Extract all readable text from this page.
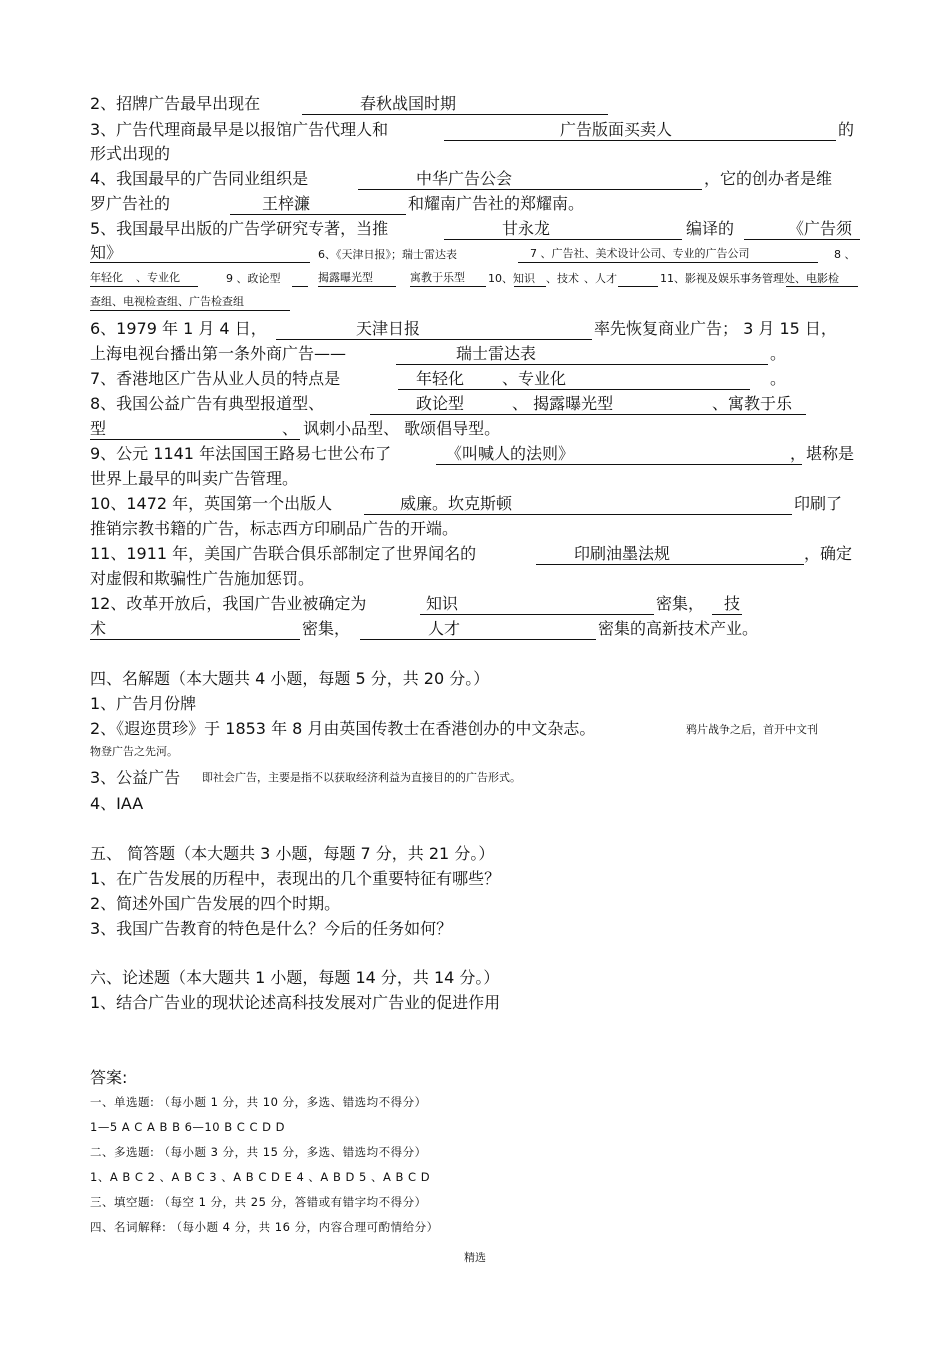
2、招牌广告最早出现在	春秋战国时期
3、广告代理商最早是以报馆广告代理人和	广告版面买卖人	的
形式出现的
4、我国最早的广告同业组织是	中华广告公会	，它的创办者是维
罗广告社的	王梓濂	和耀南广告社的郑耀南。
5、我国最早出版的广告学研究专著，当推	甘永龙	编译的	《广告须
知》	6、《天津日报》；瑞士雷达表	7 、广告社、美术设计公司、专业的广告公司	8 、
年轻化	、专业化	9 、政论型	揭露曝光型	寓教于乐型	10、知识 、技术 、人才	11、影视及娱乐事务管理处、电影检
查组、电视检查组、广告检查组
6、1979 年 1 月 4 日，	天津日报	率先恢复商业广告； 3 月 15 日，
上海电视台播出第一条外商广告——	瑞士雷达表	。
7、香港地区广告从业人员的特点是	年轻化	、专业化	。
8、我国公益广告有典型报道型、	政论型	、 揭露曝光型	、寓教于乐
型	、 讽刺小品型、 歌颂倡导型。
9、公元 1141 年法国国王路易七世公布了	《叫喊人的法则》	，堪称是
世界上最早的叫卖广告管理。
10、1472 年，英国第一个出版人	威廉。坎克斯顿	印刷了
推销宗教书籍的广告，标志西方印刷品广告的开端。
11、1911 年，美国广告联合俱乐部制定了世界闻名的	印刷油墨法规	，确定
对虚假和欺骗性广告施加惩罚。
12、改革开放后，我国广告业被确定为	知识	密集，	技
术	密集，	人才	密集的高新技术产业。
四、名解题（本大题共 4 小题，每题 5 分，共 20 分。）
1、广告月份牌
2、《遐迩贯珍》于 1853 年 8 月由英国传教士在香港创办的中文杂志。	鸦片战争之后，首开中文刊
物登广告之先河。
3、公益广告	即社会广告，主要是指不以获取经济利益为直接目的的广告形式。
4、IAA
五、 简答题（本大题共 3 小题，每题 7 分，共 21 分。）
1、在广告发展的历程中，表现出的几个重要特征有哪些？
2、简述外国广告发展的四个时期。
3、我国广告教育的特色是什么？今后的任务如何？
六、论述题（本大题共 1 小题，每题 14 分，共 14 分。）
1、结合广告业的现状论述高科技发展对广告业的促进作用
答案:
一、单选题: （每小题 1 分，共 10 分，多选、错选均不得分）
1—5 A C A B B 6—10 B C C D D
二、多选题: （每小题 3 分，共 15 分，多选、错选均不得分）
1、A B C 2 、A B C 3 、A B C D E 4 、A B D 5 、A B C D
三、填空题: （每空 1 分，共 25 分，答错或有错字均不得分）
四、名词解释: （每小题 4 分，共 16 分，内容合理可酌情给分）
精选
